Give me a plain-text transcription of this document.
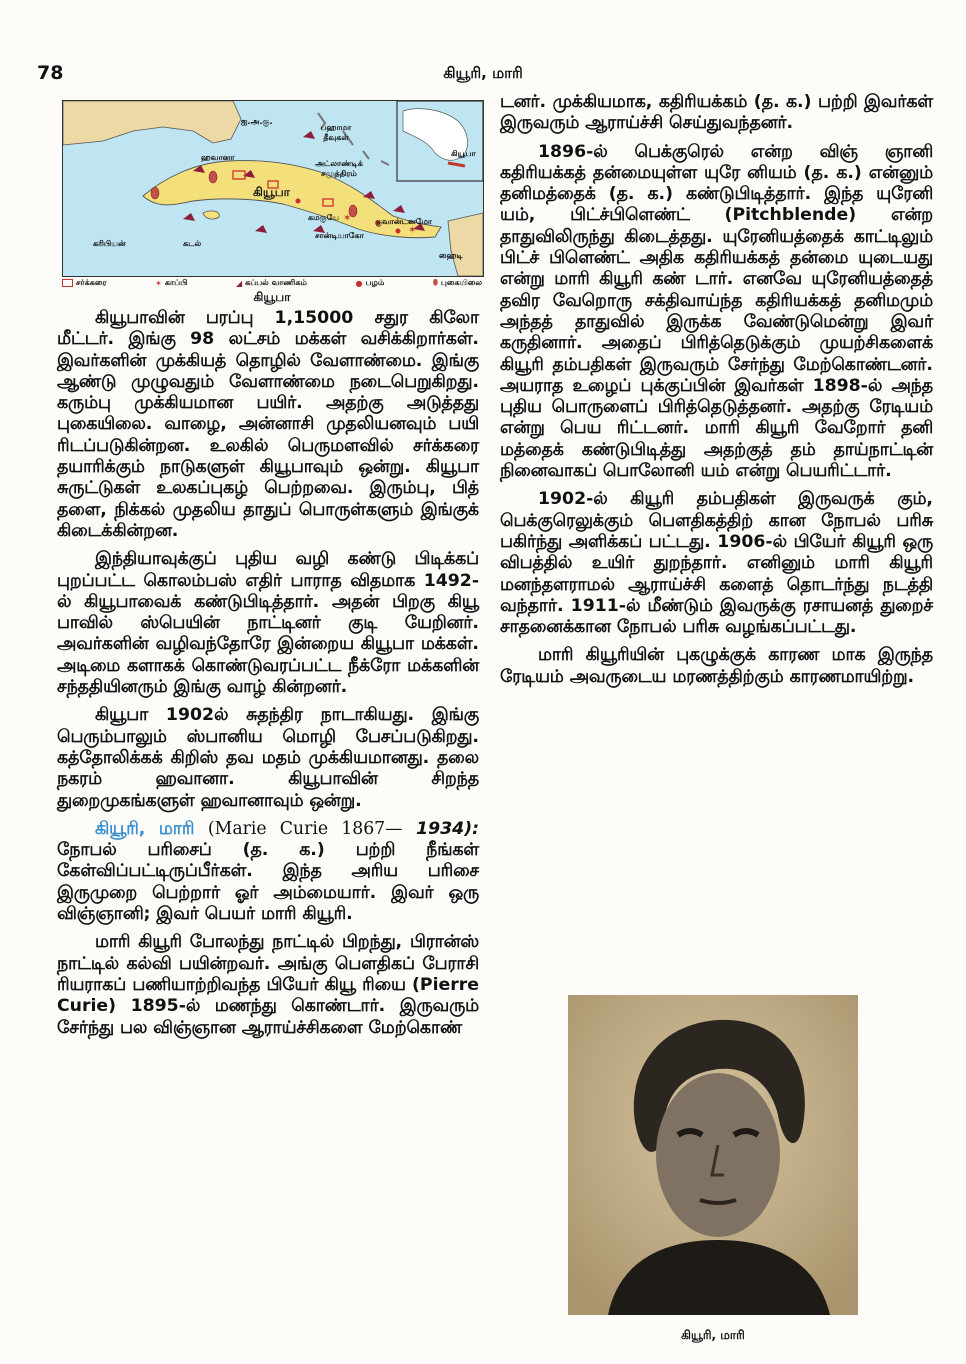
78	கியூரி, மாரி
✶
✶
ஐ.அ.கு.
பஹாமா தீவுகள்
ஹவானா
அட்லாண்டிக் சமுத்திரம்
கியூபா
கமகுயே	குவான்டனமோ
சான்டியாகோ
ஹைடி
கரிபியன்	கடல்
கியூபா
சர்க்கரை	✶ காப்பி	◢ கப்பல் வாணிகம்	● பழம்	⬮ புகையிலை
கியூபா

கியூபாவின் பரப்பு 1,15000 சதுர கிலோ மீட்டர். இங்கு 98 லட்சம் மக்கள் வசிக்கிறார்கள். இவர்களின் முக்கியத் தொழில் வேளாண்மை. இங்கு ஆண்டு முழுவதும் வேளாண்மை நடைபெறுகிறது. கரும்பு முக்கியமான பயிர். அதற்கு அடுத்தது புகையிலை. வாழை, அன்னாசி முதலியனவும் பயி ரிடப்படுகின்றன. உலகில் பெருமளவில் சர்க்கரை தயாரிக்கும் நாடுகளுள் கியூபாவும் ஒன்று. கியூபா சுருட்டுகள் உலகப்புகழ் பெற்றவை. இரும்பு, பித் தளை, நிக்கல் முதலிய தாதுப் பொருள்களும் இங்குக் கிடைக்கின்றன.

இந்தியாவுக்குப் புதிய வழி கண்டு பிடிக்கப் புறப்பட்ட கொலம்பஸ் எதிர் பாராத விதமாக 1492-ல் கியூபாவைக் கண்டுபிடித்தார். அதன் பிறகு கியூ பாவில் ஸ்பெயின் நாட்டினர் குடி யேறினர். அவர்களின் வழிவந்தோரே இன்றைய கியூபா மக்கள். அடிமை களாகக் கொண்டுவரப்பட்ட நீக்ரோ மக்களின் சந்ததியினரும் இங்கு வாழ் கின்றனர்.

கியூபா 1902ல் சுதந்திர நாடாகியது. இங்கு பெரும்பாலும் ஸ்பானிய மொழி பேசப்படுகிறது. கத்தோலிக்கக் கிறிஸ் தவ மதம் முக்கியமானது. தலை நகரம் ஹவானா. கியூபாவின் சிறந்த துறைமுகங்களுள் ஹவானாவும் ஒன்று.

கியூரி, மாரி (Marie Curie 1867— 1934): நோபல் பரிசைப் (த. க.) பற்றி நீங்கள் கேள்விப்பட்டிருப்பீர்கள். இந்த அரிய பரிசை இருமுறை பெற்றார் ஓர் அம்மையார். இவர் ஒரு விஞ்ஞானி; இவர் பெயர் மாரி கியூரி.

மாரி கியூரி போலந்து நாட்டில் பிறந்து, பிரான்ஸ் நாட்டில் கல்வி பயின்றவர். அங்கு பௌதிகப் பேராசி ரியராகப் பணியாற்றிவந்த பியேர் கியூ ரியை (Pierre Curie) 1895-ல் மணந்து கொண்டார். இருவரும் சேர்ந்து பல விஞ்ஞான ஆராய்ச்சிகளை மேற்கொண்

டனர். முக்கியமாக, கதிரியக்கம் (த. க.) பற்றி இவர்கள் இருவரும் ஆராய்ச்சி செய்துவந்தனர்.

1896-ல் பெக்குரெல் என்ற விஞ் ஞானி கதிரியக்கத் தன்மையுள்ள யுரே னியம் (த. க.) என்னும் தனிமத்தைக் (த. க.) கண்டுபிடித்தார். இந்த யுரேனி யம், பிட்ச்பிளெண்ட் (Pitchblende) என்ற தாதுவிலிருந்து கிடைத்தது. யுரேனியத்தைக் காட்டிலும் பிட்ச் பிளெண்ட் அதிக கதிரியக்கத் தன்மை யுடையது என்று மாரி கியூரி கண் டார். எனவே யுரேனியத்தைத் தவிர வேறொரு சக்திவாய்ந்த கதிரியக்கத் தனிமமும் அந்தத் தாதுவில் இருக்க வேண்டுமென்று இவர் கருதினார். அதைப் பிரித்தெடுக்கும் முயற்சிகளைக் கியூரி தம்பதிகள் இருவரும் சேர்ந்து மேற்கொண்டனர். அயராத உழைப் புக்குப்பின் இவர்கள் 1898-ல் அந்த புதிய பொருளைப் பிரித்தெடுத்தனர். அதற்கு ரேடியம் என்று பெய ரிட்டனர். மாரி கியூரி வேறோர் தனி மத்தைக் கண்டுபிடித்து அதற்குத் தம் தாய்நாட்டின் நினைவாகப் பொலோனி யம் என்று பெயரிட்டார்.

1902-ல் கியூரி தம்பதிகள் இருவருக் கும், பெக்குரெலுக்கும் பௌதிகத்திற் கான நோபல் பரிசு பகிர்ந்து அளிக்கப் பட்டது. 1906-ல் பியேர் கியூரி ஒரு விபத்தில் உயிர் துறந்தார். எனினும் மாரி கியூரி மனந்தளராமல் ஆராய்ச்சி களைத் தொடர்ந்து நடத்தி வந்தார். 1911-ல் மீண்டும் இவருக்கு ரசாயனத் துறைச் சாதனைக்கான நோபல் பரிசு வழங்கப்பட்டது.

மாரி கியூரியின் புகழுக்குக் காரண மாக இருந்த ரேடியம் அவருடைய மரணத்திற்கும் காரணமாயிற்று.

கியூரி, மாரி
